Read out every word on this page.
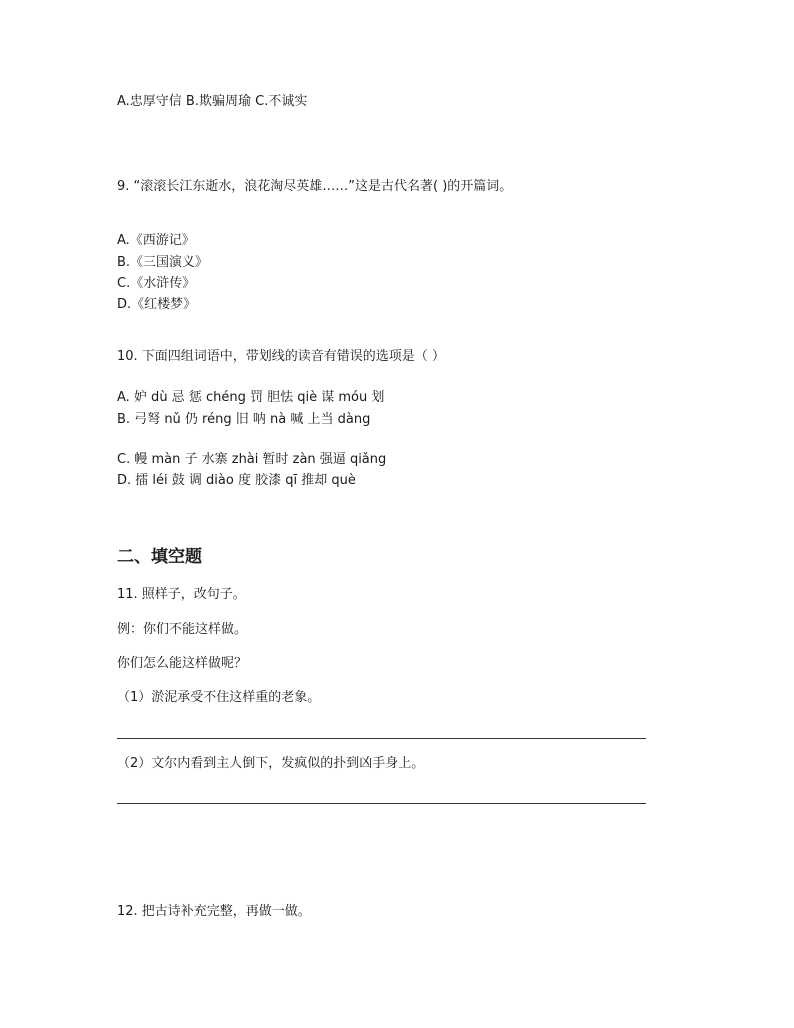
A.忠厚守信 B.欺骗周瑜 C.不诚实
9. “滚滚长江东逝水，浪花淘尽英雄……”这是古代名著( )的开篇词。
A.《西游记》
B.《三国演义》
C.《水浒传》
D.《红楼梦》
10. 下面四组词语中，带划线的读音有错误的选项是（ ）
A. 妒 dù 忌 惩 chéng 罚 胆怯 qiè 谋 móu 划
B. 弓弩 nǔ 仍 réng 旧 呐 nà 喊 上当 dàng
C. 幔 màn 子 水寨 zhài 暂时 zàn 强逼 qiǎng
D. 擂 léi 鼓 调 diào 度 胶漆 qī 推却 què
二、填空题
11. 照样子，改句子。
例：你们不能这样做。
你们怎么能这样做呢？
（1）淤泥承受不住这样重的老象。
（2）文尔内看到主人倒下，发疯似的扑到凶手身上。
12. 把古诗补充完整，再做一做。
